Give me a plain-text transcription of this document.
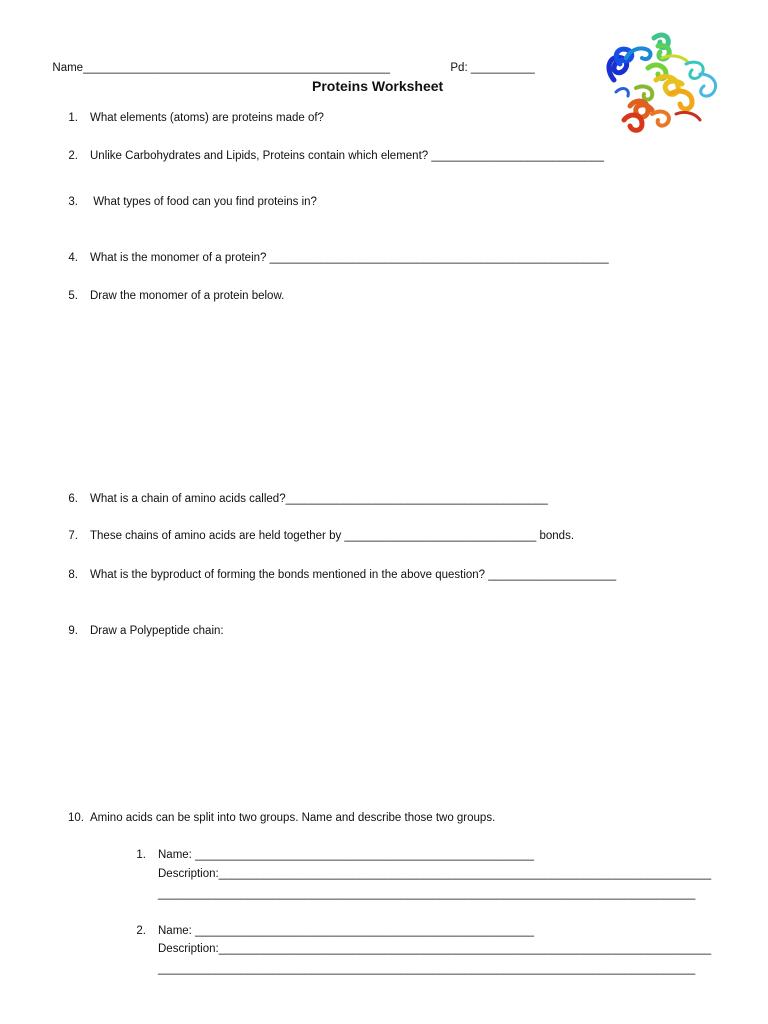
Name________________________________________________	Pd: __________

Proteins Worksheet
1. What elements (atoms) are proteins made of?
2. Unlike Carbohydrates and Lipids, Proteins contain which element? ___________________________
3. What types of food can you find proteins in?
4. What is the monomer of a protein? _____________________________________________________
5. Draw the monomer of a protein below.
6. What is a chain of amino acids called?_________________________________________
7. These chains of amino acids are held together by ______________________________ bonds.
8. What is the byproduct of forming the bonds mentioned in the above question? ____________________
9. Draw a Polypeptide chain:
10. Amino acids can be split into two groups. Name and describe those two groups.
1. Name: _____________________________________________________
Description:_____________________________________________________________________________
____________________________________________________________________________________
2. Name: _____________________________________________________
Description:_____________________________________________________________________________
____________________________________________________________________________________
